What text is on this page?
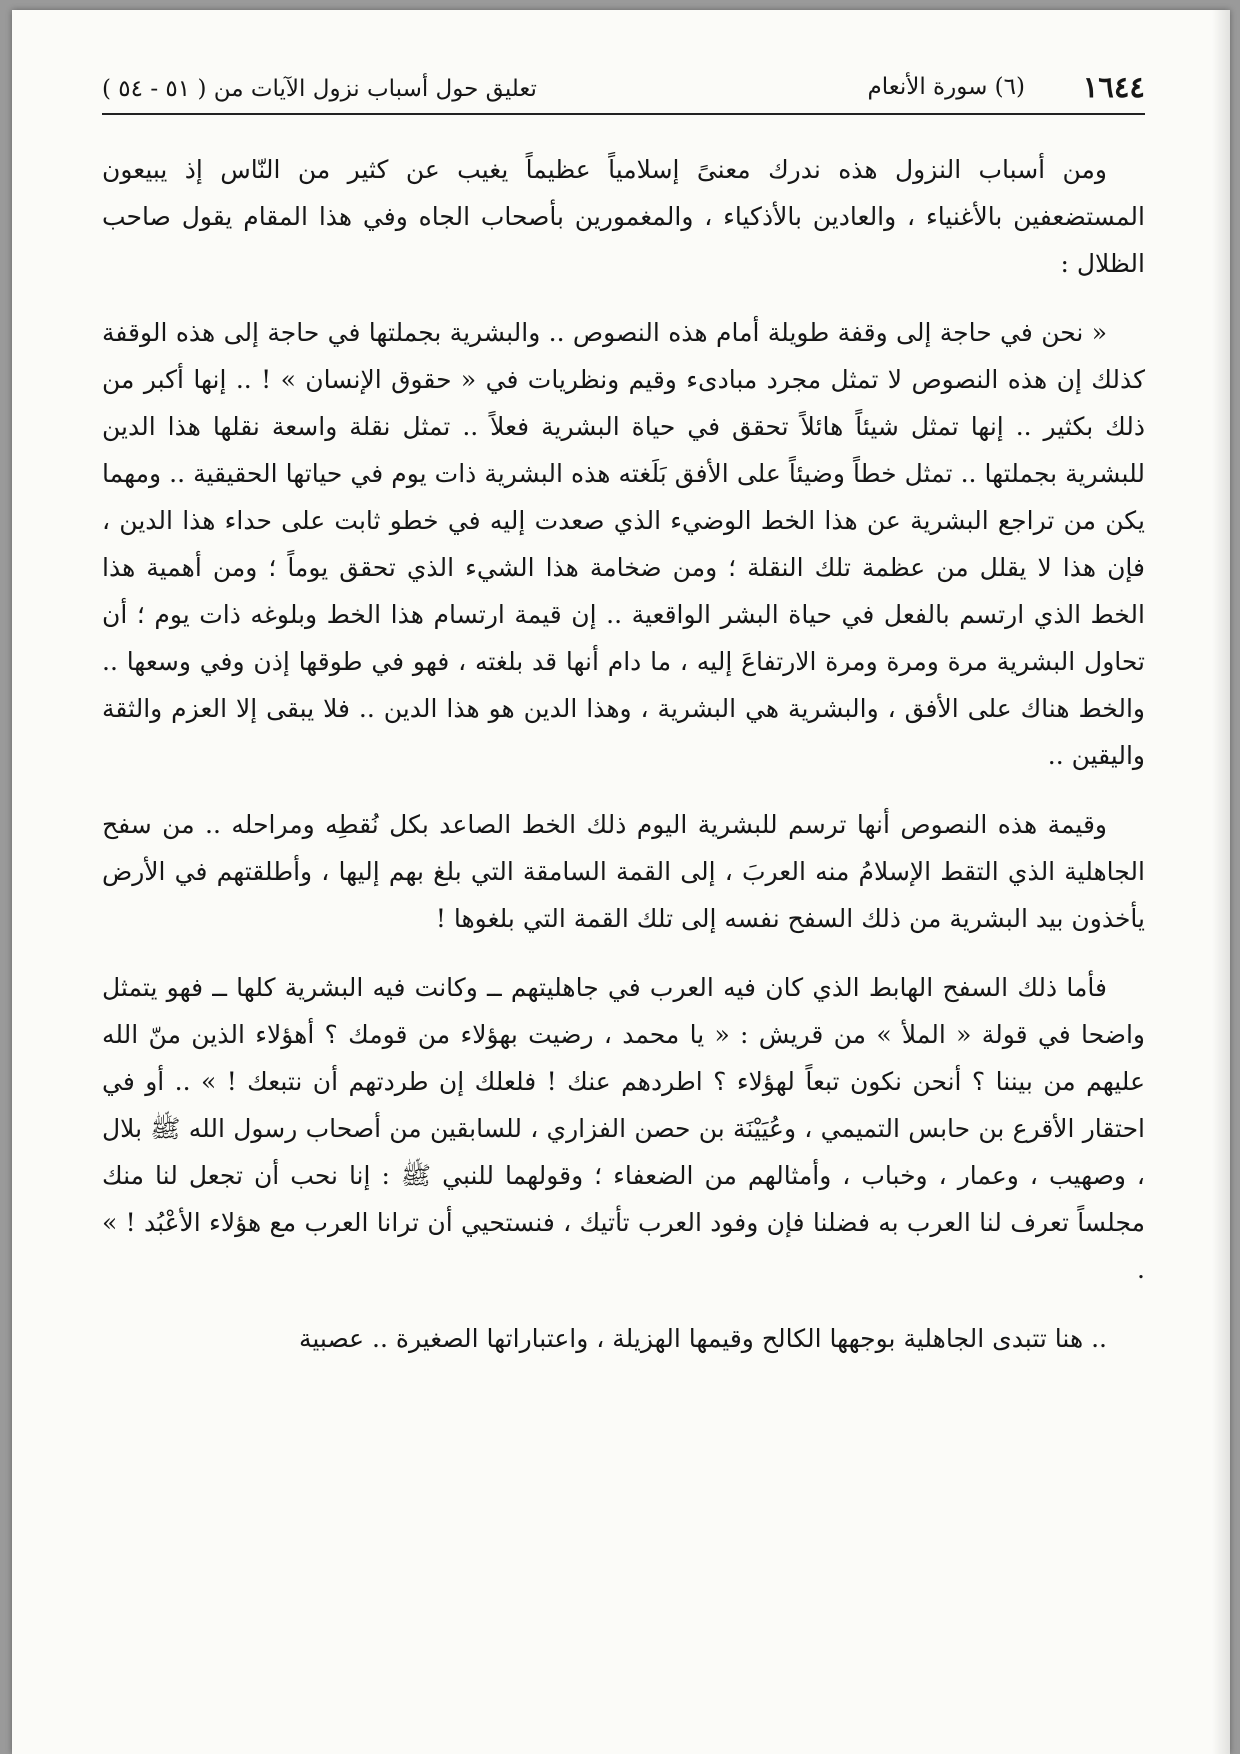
١٦٤٤
(٦) سورة الأنعام
تعليق حول أسباب نزول الآيات من ( ٥١ - ٥٤ )

ومن أسباب النزول هذه ندرك معنىً إسلامياً عظيماً يغيب عن كثير من النّاس إذ يبيعون المستضعفين بالأغنياء ، والعادين بالأذكياء ، والمغمورين بأصحاب الجاه وفي هذا المقام يقول صاحب الظلال :

« نحن في حاجة إلى وقفة طويلة أمام هذه النصوص .. والبشرية بجملتها في حاجة إلى هذه الوقفة كذلك إن هذه النصوص لا تمثل مجرد مبادىء وقيم ونظريات في « حقوق الإنسان » ! .. إنها أكبر من ذلك بكثير .. إنها تمثل شيئاً هائلاً تحقق في حياة البشرية فعلاً .. تمثل نقلة واسعة نقلها هذا الدين للبشرية بجملتها .. تمثل خطاً وضيئاً على الأفق بَلَغته هذه البشرية ذات يوم في حياتها الحقيقية .. ومهما يكن من تراجع البشرية عن هذا الخط الوضيء الذي صعدت إليه في خطو ثابت على حداء هذا الدين ، فإن هذا لا يقلل من عظمة تلك النقلة ؛ ومن ضخامة هذا الشيء الذي تحقق يوماً ؛ ومن أهمية هذا الخط الذي ارتسم بالفعل في حياة البشر الواقعية .. إن قيمة ارتسام هذا الخط وبلوغه ذات يوم ؛ أن تحاول البشرية مرة ومرة ومرة الارتفاعَ إليه ، ما دام أنها قد بلغته ، فهو في طوقها إذن وفي وسعها .. والخط هناك على الأفق ، والبشرية هي البشرية ، وهذا الدين هو هذا الدين .. فلا يبقى إلا العزم والثقة واليقين ..

وقيمة هذه النصوص أنها ترسم للبشرية اليوم ذلك الخط الصاعد بكل نُقطِه ومراحله .. من سفح الجاهلية الذي التقط الإسلامُ منه العربَ ، إلى القمة السامقة التي بلغ بهم إليها ، وأطلقتهم في الأرض يأخذون بيد البشرية من ذلك السفح نفسه إلى تلك القمة التي بلغوها !

فأما ذلك السفح الهابط الذي كان فيه العرب في جاهليتهم ــ وكانت فيه البشرية كلها ــ فهو يتمثل واضحا في قولة « الملأ » من قريش : « يا محمد ، رضيت بهؤلاء من قومك ؟ أهؤلاء الذين منّ الله عليهم من بيننا ؟ أنحن نكون تبعاً لهؤلاء ؟ اطردهم عنك ! فلعلك إن طردتهم أن نتبعك ! » .. أو في احتقار الأقرع بن حابس التميمي ، وعُيَيْنَة بن حصن الفزاري ، للسابقين من أصحاب رسول الله ﷺ بلال ، وصهيب ، وعمار ، وخباب ، وأمثالهم من الضعفاء ؛ وقولهما للنبي ﷺ : إنا نحب أن تجعل لنا منك مجلساً تعرف لنا العرب به فضلنا فإن وفود العرب تأتيك ، فنستحيي أن ترانا العرب مع هؤلاء الأعْبُد ! » .

.. هنا تتبدى الجاهلية بوجهها الكالح وقيمها الهزيلة ، واعتباراتها الصغيرة .. عصبية
